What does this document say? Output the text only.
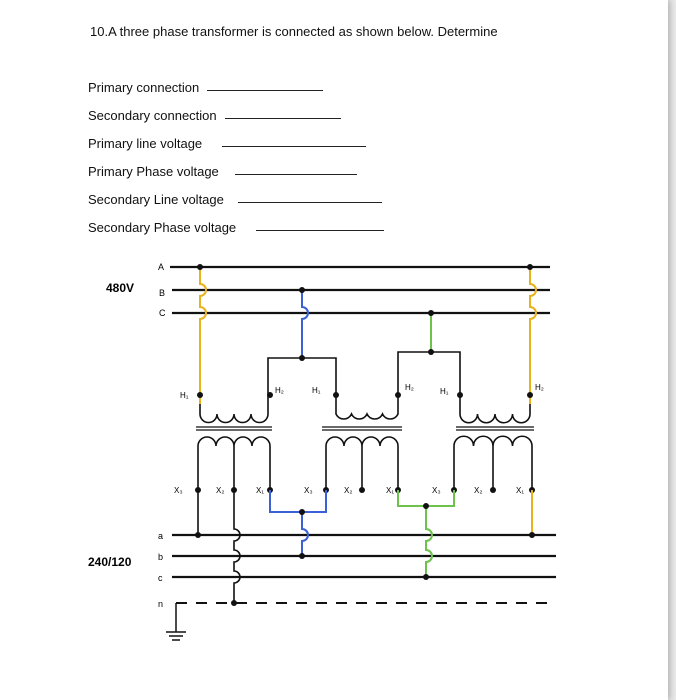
10.A three phase transformer is connected as shown below. Determine
Primary connection
Secondary connection
Primary line voltage
Primary Phase voltage
Secondary Line voltage
Secondary Phase voltage
480V
240/120
A
B
C
a
b
c
n
H₁
H₂
X₃	X₂	X₁
H₁	H₂
X₃	X₂	X₁
H₁	H₂
X₃	X₂	X₁
